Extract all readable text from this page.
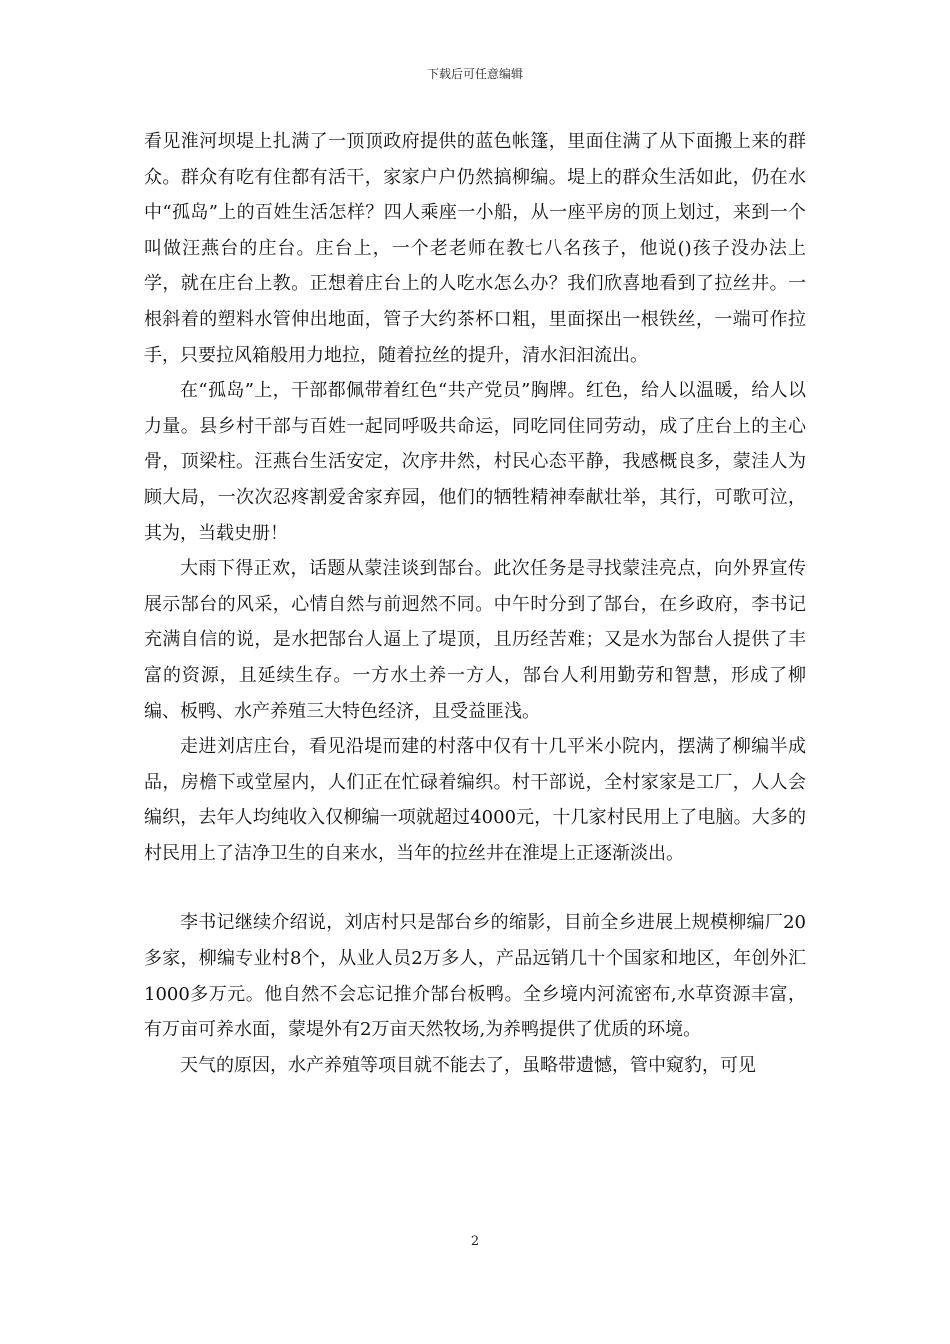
下载后可任意编辑

看见淮河坝堤上扎满了一顶顶政府提供的蓝色帐篷，里面住满了从下面搬上来的群众。群众有吃有住都有活干，家家户户仍然搞柳编。堤上的群众生活如此，仍在水中“孤岛”上的百姓生活怎样？四人乘座一小船，从一座平房的顶上划过，来到一个叫做汪燕台的庄台。庄台上，一个老老师在教七八名孩子，他说()孩子没办法上学，就在庄台上教。正想着庄台上的人吃水怎么办？我们欣喜地看到了拉丝井。一根斜着的塑料水管伸出地面，管子大约茶杯口粗，里面探出一根铁丝，一端可作拉手，只要拉风箱般用力地拉，随着拉丝的提升，清水汩汩流出。

在“孤岛”上，干部都佩带着红色“共产党员”胸牌。红色，给人以温暖，给人以力量。县乡村干部与百姓一起同呼吸共命运，同吃同住同劳动，成了庄台上的主心骨，顶梁柱。汪燕台生活安定，次序井然，村民心态平静，我感概良多，蒙洼人为顾大局，一次次忍疼割爱舍家弃园，他们的牺牲精神奉献壮举，其行，可歌可泣，其为，当载史册！

大雨下得正欢，话题从蒙洼谈到郜台。此次任务是寻找蒙洼亮点，向外界宣传展示郜台的风采，心情自然与前迥然不同。中午时分到了郜台，在乡政府，李书记充满自信的说，是水把郜台人逼上了堤顶，且历经苦难；又是水为郜台人提供了丰富的资源，且延续生存。一方水土养一方人，郜台人利用勤劳和智慧，形成了柳编、板鸭、水产养殖三大特色经济，且受益匪浅。

走进刘店庄台，看见沿堤而建的村落中仅有十几平米小院内，摆满了柳编半成品，房檐下或堂屋内，人们正在忙碌着编织。村干部说，全村家家是工厂，人人会编织，去年人均纯收入仅柳编一项就超过4000元，十几家村民用上了电脑。大多的村民用上了洁净卫生的自来水，当年的拉丝井在淮堤上正逐渐淡出。

李书记继续介绍说，刘店村只是郜台乡的缩影，目前全乡进展上规模柳编厂20多家，柳编专业村8个，从业人员2万多人，产品远销几十个国家和地区，年创外汇1000多万元。他自然不会忘记推介郜台板鸭。全乡境内河流密布,水草资源丰富，有万亩可养水面，蒙堤外有2万亩天然牧场,为养鸭提供了优质的环境。

天气的原因，水产养殖等项目就不能去了，虽略带遗憾，管中窥豹，可见

2
